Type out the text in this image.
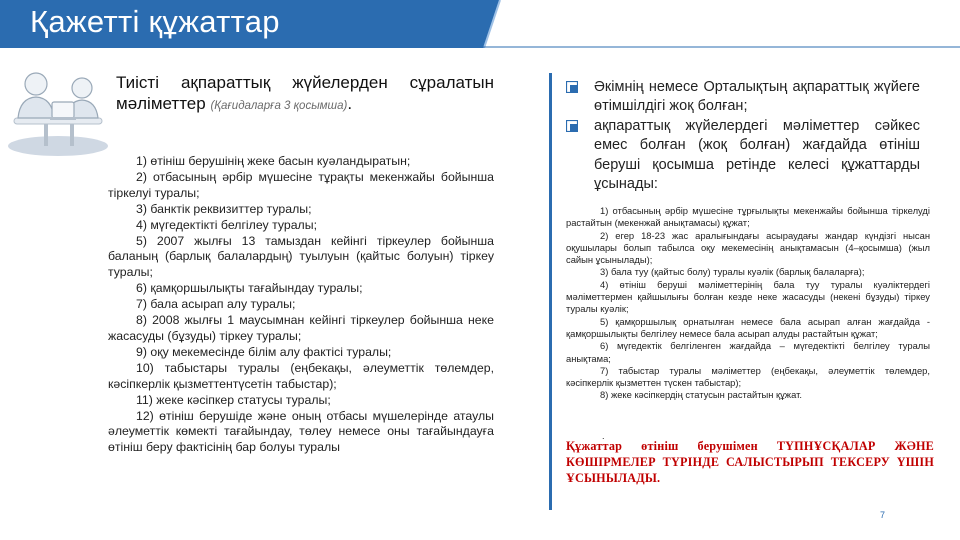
Қажетті құжаттар
Тиісті ақпараттық жүйелерден сұралатын мәліметтер (Қағидаларға 3 қосымша).

1) өтініш берушінің жеке басын куәландыратын;

2) отбасының әрбір мүшесіне тұрақты мекенжайы бойынша тіркелуі туралы;

3) банктік реквизиттер туралы;

4) мүгедектікті белгілеу туралы;

5) 2007 жылғы 13 тамыздан кейінгі тіркеулер бойынша баланың (барлық балалардың) туылуын (қайтыс болуын) тіркеу туралы;

6) қамқоршылықты тағайындау туралы;

7) бала асырап алу туралы;

8) 2008 жылғы 1 маусымнан кейінгі тіркеулер бойынша неке жасасуды (бұзуды) тіркеу туралы;

9) оқу мекемесінде білім алу фактісі туралы;

10) табыстары туралы (еңбекақы, әлеуметтік төлемдер, кәсіпкерлік қызметтентүсетін табыстар);

11) жеке кәсіпкер статусы туралы;

12) өтініш берушіде және оның отбасы мүшелерінде атаулы әлеуметтік көмекті тағайындау, төлеу немесе оны тағайындауға өтініш беру фактісінің бар болуы туралы

Әкімнің немесе Орталықтың ақпараттық жүйеге өтімшілдігі жоқ болған;
ақпараттық жүйелердегі мәліметтер сәйкес емес болған (жоқ болған) жағдайда өтініш беруші қосымша ретінде келесі құжаттарды ұсынады:

1) отбасының әрбір мүшесіне тұрғылықты мекенжайы бойынша тіркелуді растайтын (мекенжай анықтамасы) құжат;

2) егер 18-23 жас аралығындағы асыраудағы жандар күндізгі нысан оқушылары болып табылса оқу мекемесінің анықтамасын (4–қосымша) (жыл сайын ұсынылады);

3) бала туу (қайтыс болу) туралы куәлік (барлық балаларға);

4) өтініш беруші мәліметтерінің бала туу туралы куәліктердегі мәліметтермен қайшылығы болған кезде неке жасасуды (некені бұзуды) тіркеу туралы куәлік;

5) қамқоршылық орнатылған немесе бала асырап алған жағдайда - қамқоршылықты белгілеу немесе бала асырап алуды растайтын құжат;

6) мүгедектік белгіленген жағдайда – мүгедектікті белгілеу туралы анықтама;

7) табыстар туралы мәліметтер (еңбекақы, әлеуметтік төлемдер, кәсіпкерлік қызметтен түскен табыстар);

8) жеке кәсіпкердің статусын растайтын құжат.

.
Құжаттар өтініш берушімен ТҮПНҰСҚАЛАР ЖӘНЕ КӨШІРМЕЛЕР ТҮРІНДЕ САЛЫСТЫРЫП ТЕКСЕРУ ҮШІН ҰСЫНЫЛАДЫ.
7
